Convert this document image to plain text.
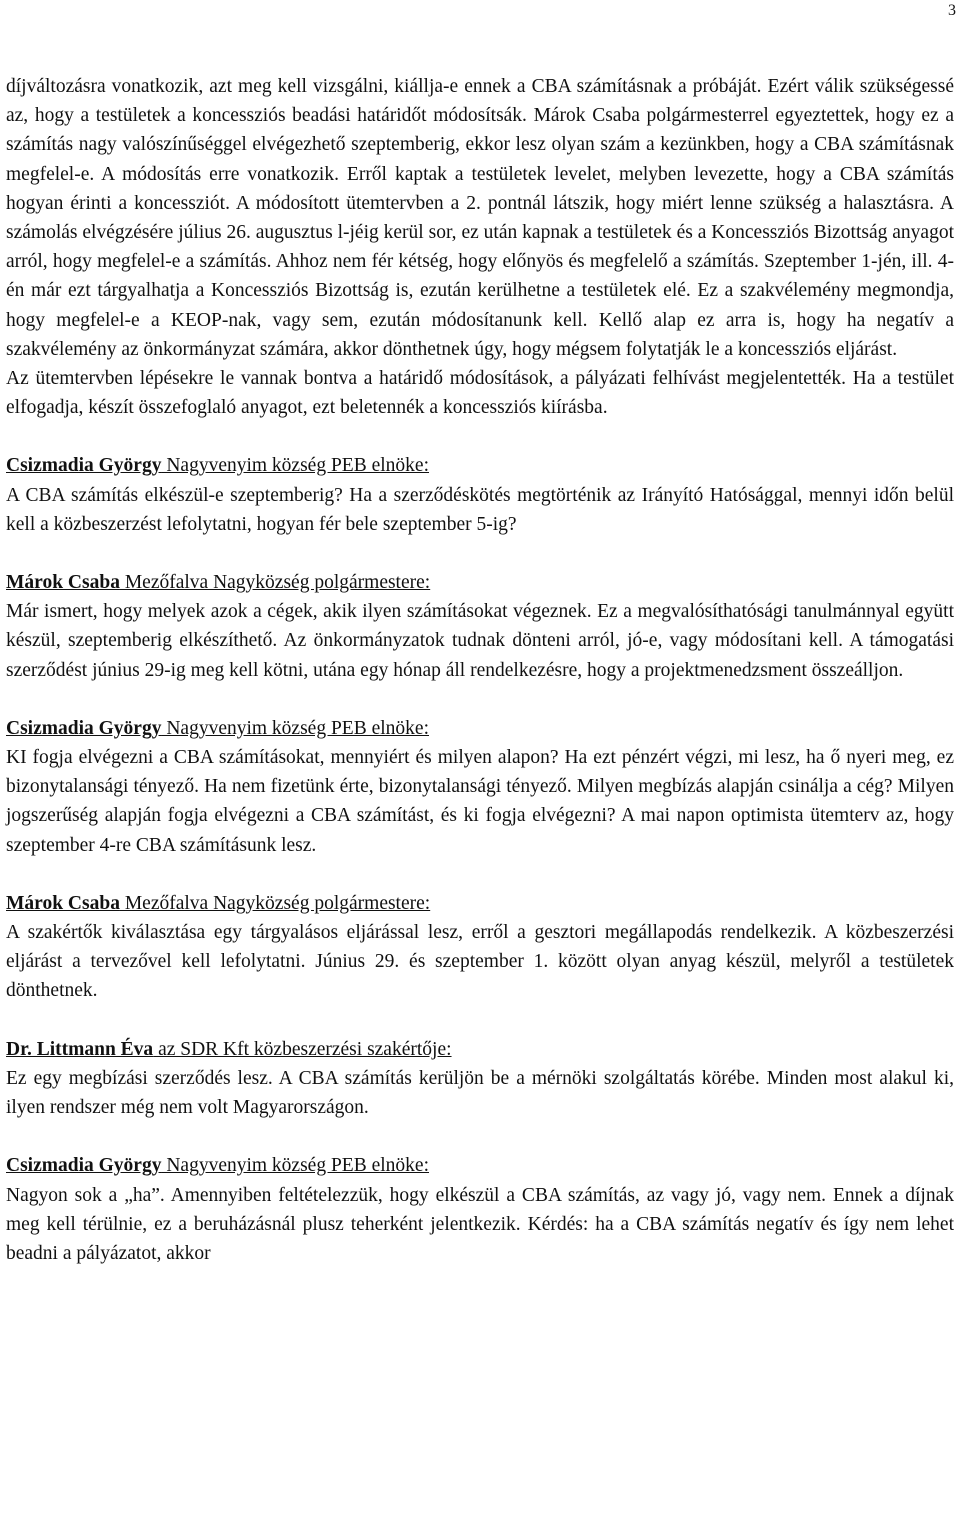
3

díjváltozásra vonatkozik, azt meg kell vizsgálni, kiállja-e ennek a CBA számításnak a próbáját. Ezért válik szükségessé az, hogy a testületek a koncessziós beadási határidőt módosítsák. Márok Csaba polgármesterrel egyeztettek, hogy ez a számítás nagy valószínűséggel elvégezhető szeptemberig, ekkor lesz olyan szám a kezünkben, hogy a CBA számításnak megfelel-e. A módosítás erre vonatkozik. Erről kaptak a testületek levelet, melyben levezette, hogy a CBA számítás hogyan érinti a koncessziót. A módosított ütemtervben a 2. pontnál látszik, hogy miért lenne szükség a halasztásra. A számolás elvégzésére július 26. augusztus l-jéig kerül sor, ez után kapnak a testületek és a Koncessziós Bizottság anyagot arról, hogy megfelel-e a számítás. Ahhoz nem fér kétség, hogy előnyös és megfelelő a számítás. Szeptember 1-jén, ill. 4-én már ezt tárgyalhatja a Koncessziós Bizottság is, ezután kerülhetne a testületek elé. Ez a szakvélemény megmondja, hogy megfelel-e a KEOP-nak, vagy sem, ezután módosítanunk kell. Kellő alap ez arra is, hogy ha negatív a szakvélemény az önkormányzat számára, akkor dönthetnek úgy, hogy mégsem folytatják le a koncessziós eljárást.

Az ütemtervben lépésekre le vannak bontva a határidő módosítások, a pályázati felhívást megjelentették. Ha a testület elfogadja, készít összefoglaló anyagot, ezt beletennék a koncessziós kiírásba.

Csizmadia György Nagyvenyim község PEB elnöke:

A CBA számítás elkészül-e szeptemberig? Ha a szerződéskötés megtörténik az Irányító Hatósággal, mennyi időn belül kell a közbeszerzést lefolytatni, hogyan fér bele szeptember 5-ig?

Márok Csaba Mezőfalva Nagyközség polgármestere:

Már ismert, hogy melyek azok a cégek, akik ilyen számításokat végeznek. Ez a megvalósíthatósági tanulmánnyal együtt készül, szeptemberig elkészíthető. Az önkormányzatok tudnak dönteni arról, jó-e, vagy módosítani kell. A támogatási szerződést június 29-ig meg kell kötni, utána egy hónap áll rendelkezésre, hogy a projektmenedzsment összeálljon.

Csizmadia György Nagyvenyim község PEB elnöke:

KI fogja elvégezni a CBA számításokat, mennyiért és milyen alapon? Ha ezt pénzért végzi, mi lesz, ha ő nyeri meg, ez bizonytalansági tényező. Ha nem fizetünk érte, bizonytalansági tényező. Milyen megbízás alapján csinálja a cég? Milyen jogszerűség alapján fogja elvégezni a CBA számítást, és ki fogja elvégezni? A mai napon optimista ütemterv az, hogy szeptember 4-re CBA számításunk lesz.

Márok Csaba Mezőfalva Nagyközség polgármestere:

A szakértők kiválasztása egy tárgyalásos eljárással lesz, erről a gesztori megállapodás rendelkezik. A közbeszerzési eljárást a tervezővel kell lefolytatni. Június 29. és szeptember 1. között olyan anyag készül, melyről a testületek dönthetnek.

Dr. Littmann Éva az SDR Kft közbeszerzési szakértője:

Ez egy megbízási szerződés lesz. A CBA számítás kerüljön be a mérnöki szolgáltatás körébe. Minden most alakul ki, ilyen rendszer még nem volt Magyarországon.

Csizmadia György Nagyvenyim község PEB elnöke:

Nagyon sok a „ha”. Amennyiben feltételezzük, hogy elkészül a CBA számítás, az vagy jó, vagy nem. Ennek a díjnak meg kell térülnie, ez a beruházásnál plusz teherként jelentkezik. Kérdés: ha a CBA számítás negatív és így nem lehet beadni a pályázatot, akkor
